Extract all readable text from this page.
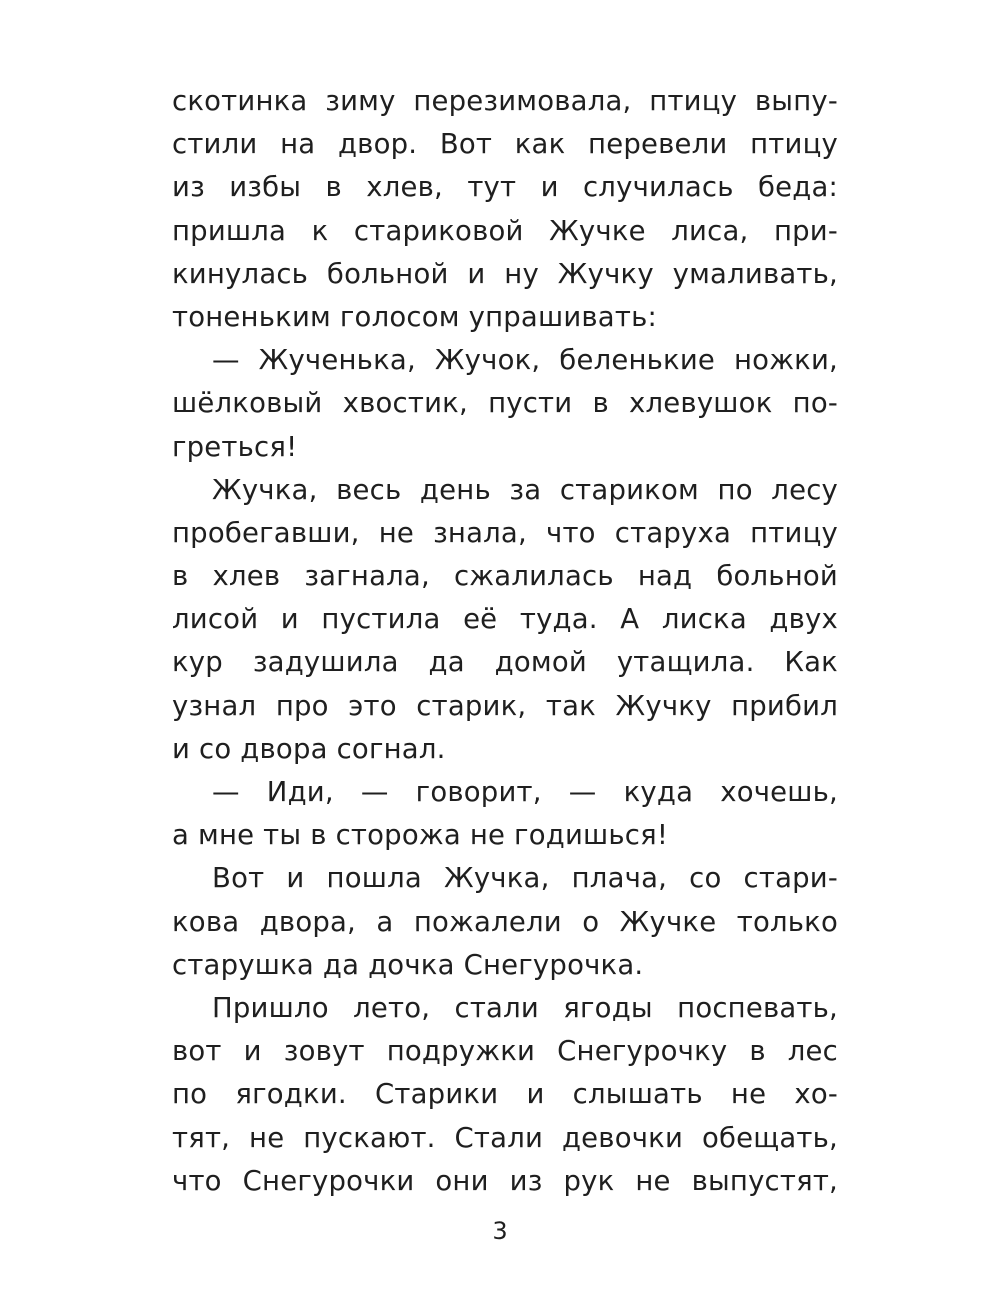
скотинка зиму перезимовала, птицу выпу-
стили на двор. Вот как перевели птицу
из избы в хлев, тут и случилась беда:
пришла к стариковой Жучке лиса, при-
кинулась больной и ну Жучку умаливать,
тоненьким голосом упрашивать:
— Жученька, Жучок, беленькие ножки,
шёлковый хвостик, пусти в хлевушок по-
греться!
Жучка, весь день за стариком по лесу
пробегавши, не знала, что старуха птицу
в хлев загнала, сжалилась над больной
лисой и пустила её туда. А лиска двух
кур задушила да домой утащила. Как
узнал про это старик, так Жучку прибил
и со двора согнал.
— Иди, — говорит, — куда хочешь,
а мне ты в сторожа не годишься!
Вот и пошла Жучка, плача, со стари-
кова двора, а пожалели о Жучке только
старушка да дочка Снегурочка.
Пришло лето, стали ягоды поспевать,
вот и зовут подружки Снегурочку в лес
по ягодки. Старики и слышать не хо-
тят, не пускают. Стали девочки обещать,
что Снегурочки они из рук не выпустят,
3
